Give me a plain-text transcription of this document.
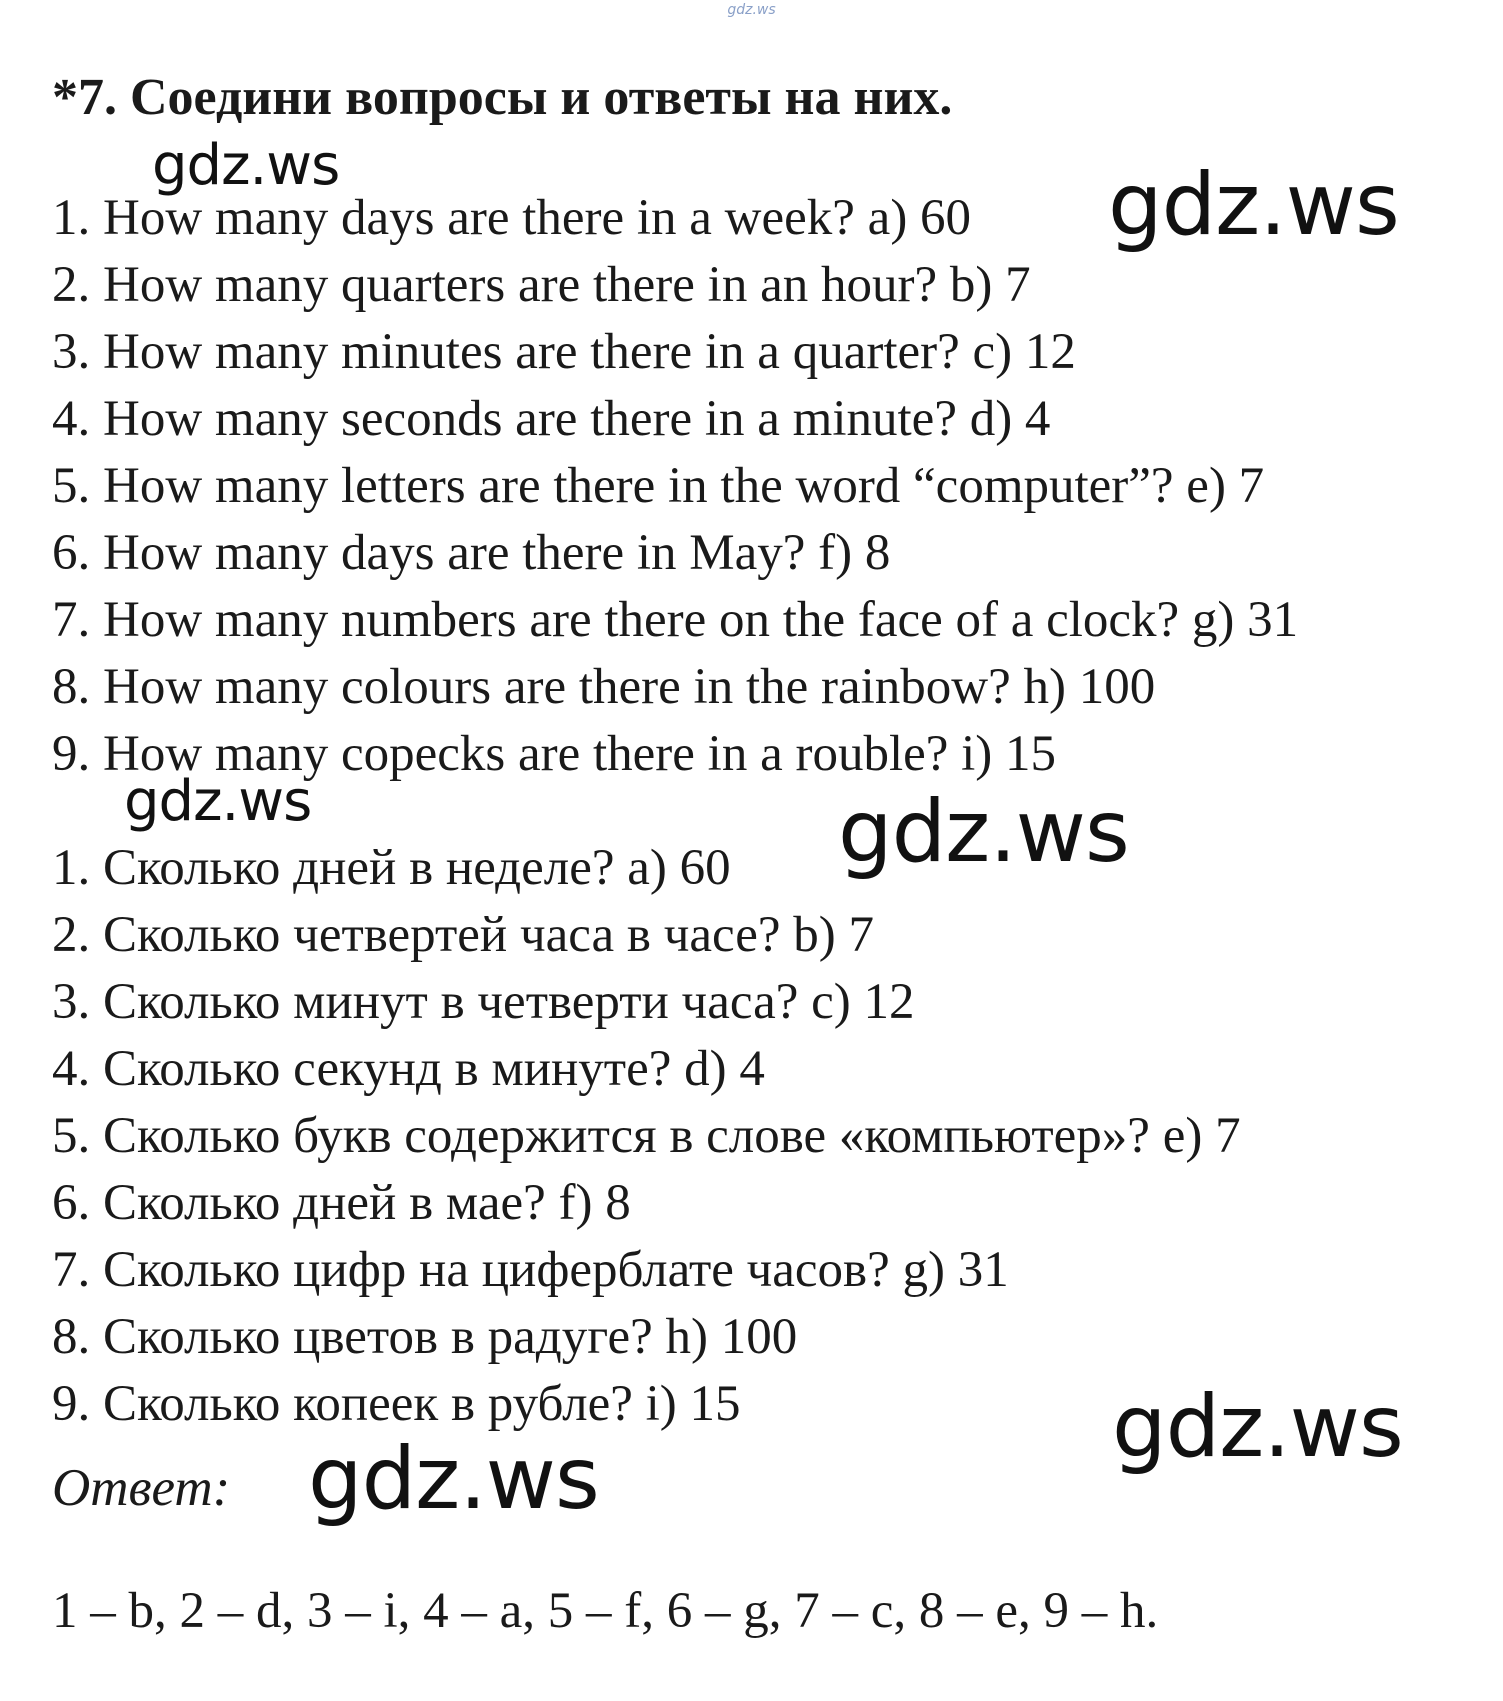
gdz.ws
*7. Соедини вопросы и ответы на них.
1. How many days are there in a week? a) 60
2. How many quarters are there in an hour? b) 7
3. How many minutes are there in a quarter? c) 12
4. How many seconds are there in a minute? d) 4
5. How many letters are there in the word “computer”? e) 7
6. How many days are there in May? f) 8
7. How many numbers are there on the face of a clock? g) 31
8. How many colours are there in the rainbow? h) 100
9. How many copecks are there in a rouble? i) 15
1. Сколько дней в неделе? a) 60
2. Сколько четвертей часа в часе? b) 7
3. Сколько минут в четверти часа? c) 12
4. Сколько секунд в минуте? d) 4
5. Сколько букв содержится в слове «компьютер»? e) 7
6. Сколько дней в мае? f) 8
7. Сколько цифр на циферблате часов? g) 31
8. Сколько цветов в радуге? h) 100
9. Сколько копеек в рубле? i) 15
Ответ:
1 – b, 2 – d, 3 – i, 4 – a, 5 – f, 6 – g, 7 – c, 8 – e, 9 – h.
gdz.ws	gdz.ws
gdz.ws	gdz.ws
gdz.ws
gdz.ws
